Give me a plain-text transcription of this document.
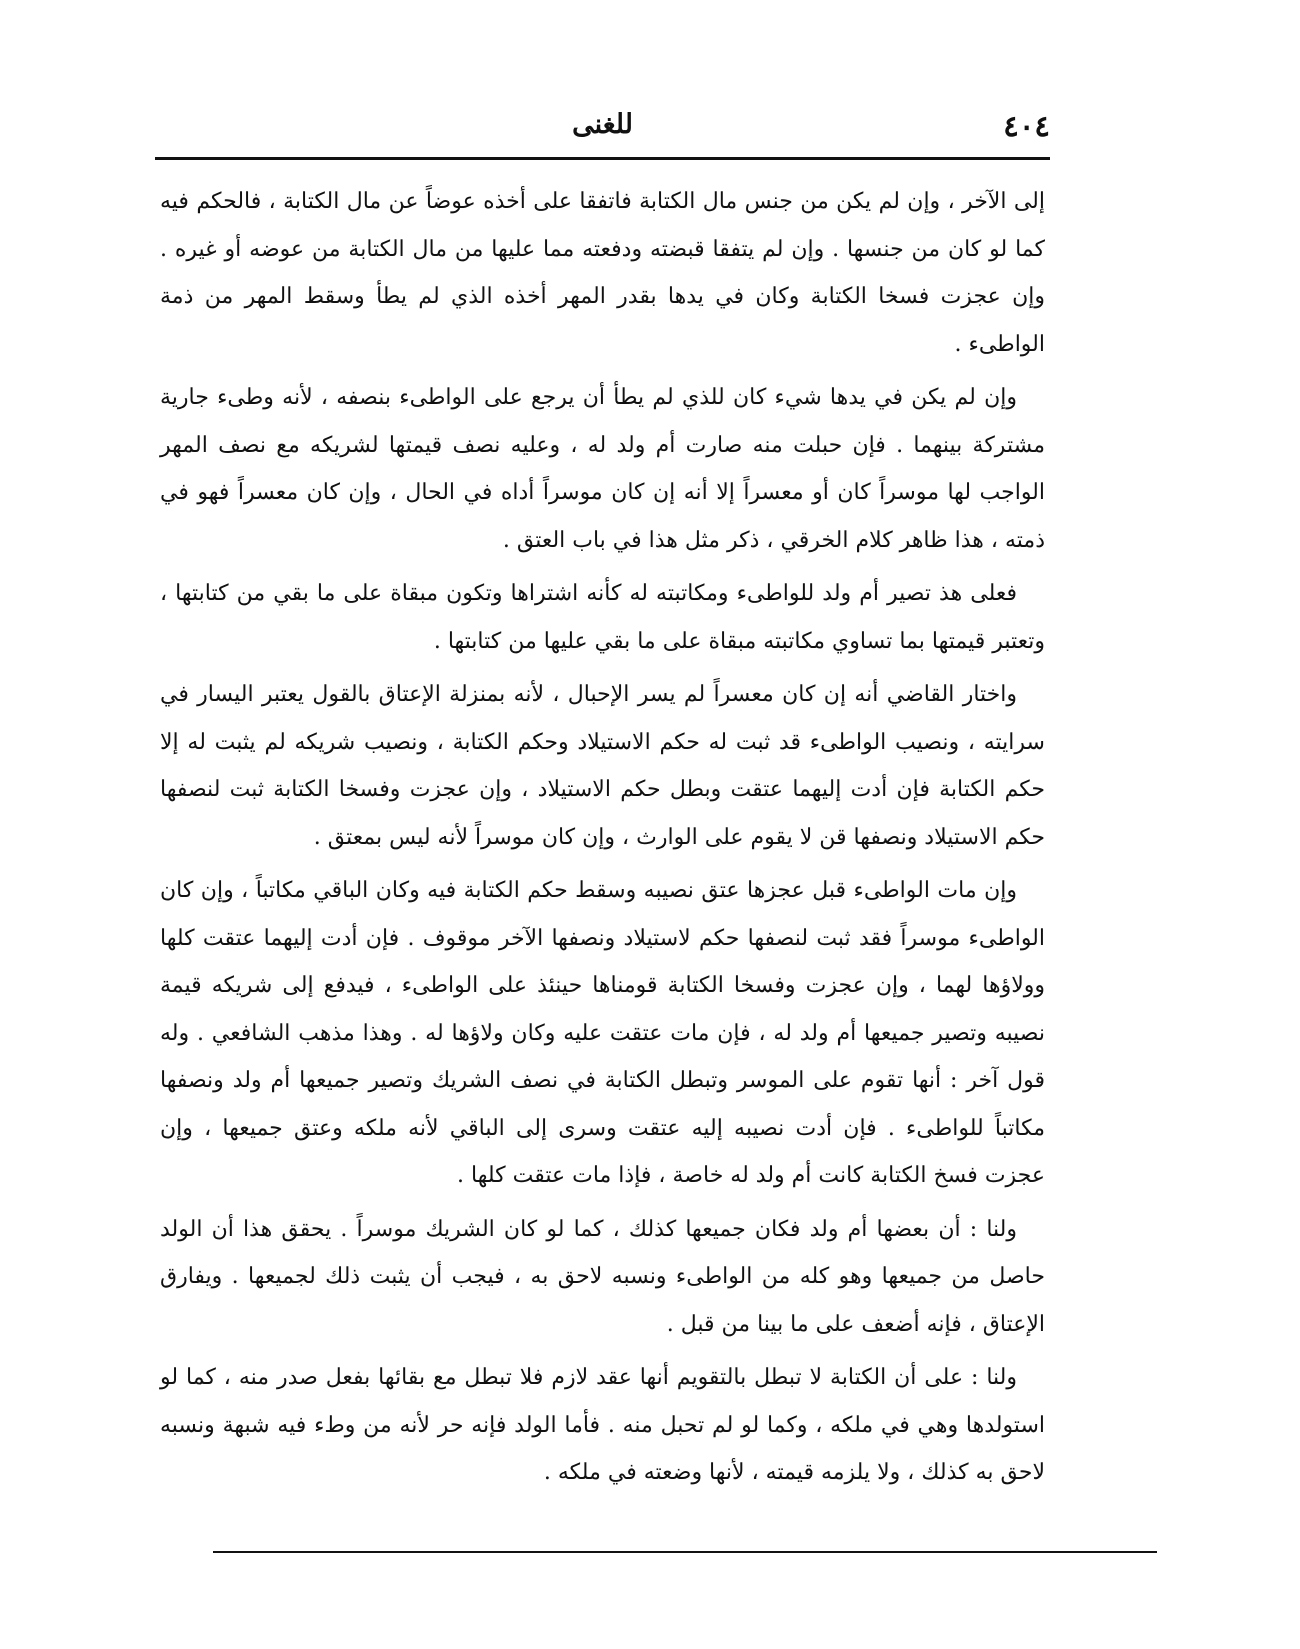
٤٠٤
للغنى

إلى الآخر ، وإن لم يكن من جنس مال الكتابة فاتفقا على أخذه عوضاً عن مال الكتابة ، فالحكم فيه كما لو كان من جنسها . وإن لم يتفقا قبضته ودفعته مما عليها من مال الكتابة من عوضه أو غيره . وإن عجزت فسخا الكتابة وكان في يدها بقدر المهر أخذه الذي لم يطأ وسقط المهر من ذمة الواطىء .

وإن لم يكن في يدها شيء كان للذي لم يطأ أن يرجع على الواطىء بنصفه ، لأنه وطىء جارية مشتركة بينهما . فإن حبلت منه صارت أم ولد له ، وعليه نصف قيمتها لشريكه مع نصف المهر الواجب لها موسراً كان أو معسراً إلا أنه إن كان موسراً أداه في الحال ، وإن كان معسراً فهو في ذمته ، هذا ظاهر كلام الخرقي ، ذكر مثل هذا في باب العتق .

فعلى هذ تصير أم ولد للواطىء ومكاتبته له كأنه اشتراها وتكون مبقاة على ما بقي من كتابتها ، وتعتبر قيمتها بما تساوي مكاتبته مبقاة على ما بقي عليها من كتابتها .

واختار القاضي أنه إن كان معسراً لم يسر الإحبال ، لأنه بمنزلة الإعتاق بالقول يعتبر اليسار في سرايته ، ونصيب الواطىء قد ثبت له حكم الاستيلاد وحكم الكتابة ، ونصيب شريكه لم يثبت له إلا حكم الكتابة فإن أدت إليهما عتقت وبطل حكم الاستيلاد ، وإن عجزت وفسخا الكتابة ثبت لنصفها حكم الاستيلاد ونصفها قن لا يقوم على الوارث ، وإن كان موسراً لأنه ليس بمعتق .

وإن مات الواطىء قبل عجزها عتق نصيبه وسقط حكم الكتابة فيه وكان الباقي مكاتباً ، وإن كان الواطىء موسراً فقد ثبت لنصفها حكم لاستيلاد ونصفها الآخر موقوف . فإن أدت إليهما عتقت كلها وولاؤها لهما ، وإن عجزت وفسخا الكتابة قومناها حينئذ على الواطىء ، فيدفع إلى شريكه قيمة نصيبه وتصير جميعها أم ولد له ، فإن مات عتقت عليه وكان ولاؤها له . وهذا مذهب الشافعي . وله قول آخر : أنها تقوم على الموسر وتبطل الكتابة في نصف الشريك وتصير جميعها أم ولد ونصفها مكاتباً للواطىء . فإن أدت نصيبه إليه عتقت وسرى إلى الباقي لأنه ملكه وعتق جميعها ، وإن عجزت فسخ الكتابة كانت أم ولد له خاصة ، فإذا مات عتقت كلها .

ولنا : أن بعضها أم ولد فكان جميعها كذلك ، كما لو كان الشريك موسراً . يحقق هذا أن الولد حاصل من جميعها وهو كله من الواطىء ونسبه لاحق به ، فيجب أن يثبت ذلك لجميعها . ويفارق الإعتاق ، فإنه أضعف على ما بينا من قبل .

ولنا : على أن الكتابة لا تبطل بالتقويم أنها عقد لازم فلا تبطل مع بقائها بفعل صدر منه ، كما لو استولدها وهي في ملكه ، وكما لو لم تحبل منه . فأما الولد فإنه حر لأنه من وطء فيه شبهة ونسبه لاحق به كذلك ، ولا يلزمه قيمته ، لأنها وضعته في ملكه .
